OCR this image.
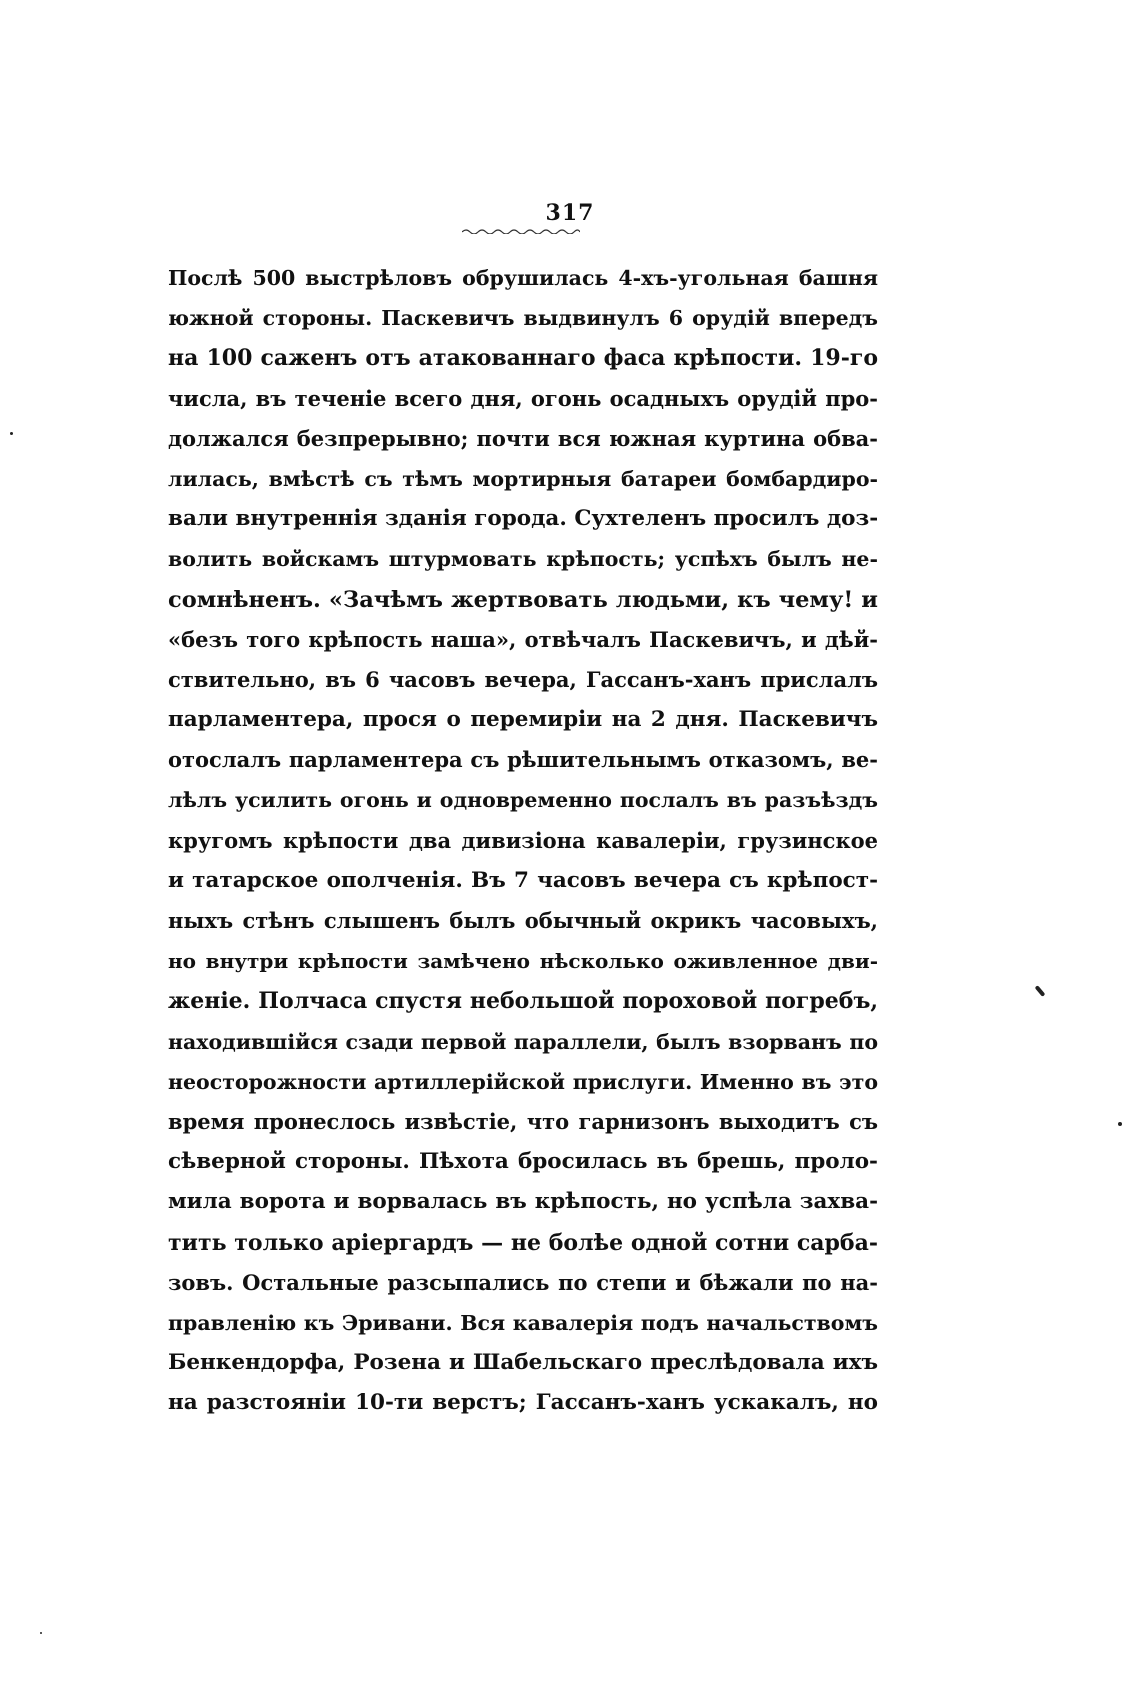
317
Послѣ 500 выстрѣловъ обрушилась 4-хъ-угольная башня
южной стороны. Паскевичъ выдвинулъ 6 орудій впередъ
на 100 саженъ отъ атакованнаго фаса крѣпости. 19-го
числа, въ теченіе всего дня, огонь осадныхъ орудій про-
должался безпрерывно; почти вся южная куртина обва-
лилась, вмѣстѣ съ тѣмъ мортирныя батареи бомбардиро-
вали внутреннія зданія города. Сухтеленъ просилъ доз-
волить войскамъ штурмовать крѣпость; успѣхъ былъ не-
сомнѣненъ. «Зачѣмъ жертвовать людьми, къ чему! и
«безъ того крѣпость наша», отвѣчалъ Паскевичъ, и дѣй-
ствительно, въ 6 часовъ вечера, Гассанъ-ханъ прислалъ
парламентера, прося о перемиріи на 2 дня. Паскевичъ
отослалъ парламентера съ рѣшительнымъ отказомъ, ве-
лѣлъ усилить огонь и одновременно послалъ въ разъѣздъ
кругомъ крѣпости два дивизіона кавалеріи, грузинское
и татарское ополченія. Въ 7 часовъ вечера съ крѣпост-
ныхъ стѣнъ слышенъ былъ обычный окрикъ часовыхъ,
но внутри крѣпости замѣчено нѣсколько оживленное дви-
женіе. Полчаса спустя небольшой пороховой погребъ,
находившійся сзади первой параллели, былъ взорванъ по
неосторожности артиллерійской прислуги. Именно въ это
время пронеслось извѣстіе, что гарнизонъ выходитъ съ
сѣверной стороны. Пѣхота бросилась въ брешь, проло-
мила ворота и ворвалась въ крѣпость, но успѣла захва-
тить только аріергардъ — не болѣе одной сотни сарба-
зовъ. Остальные разсыпались по степи и бѣжали по на-
правленію къ Эривани. Вся кавалерія подъ начальствомъ
Бенкендорфа, Розена и Шабельскаго преслѣдовала ихъ
на разстояніи 10-ти верстъ; Гассанъ-ханъ ускакалъ, но
